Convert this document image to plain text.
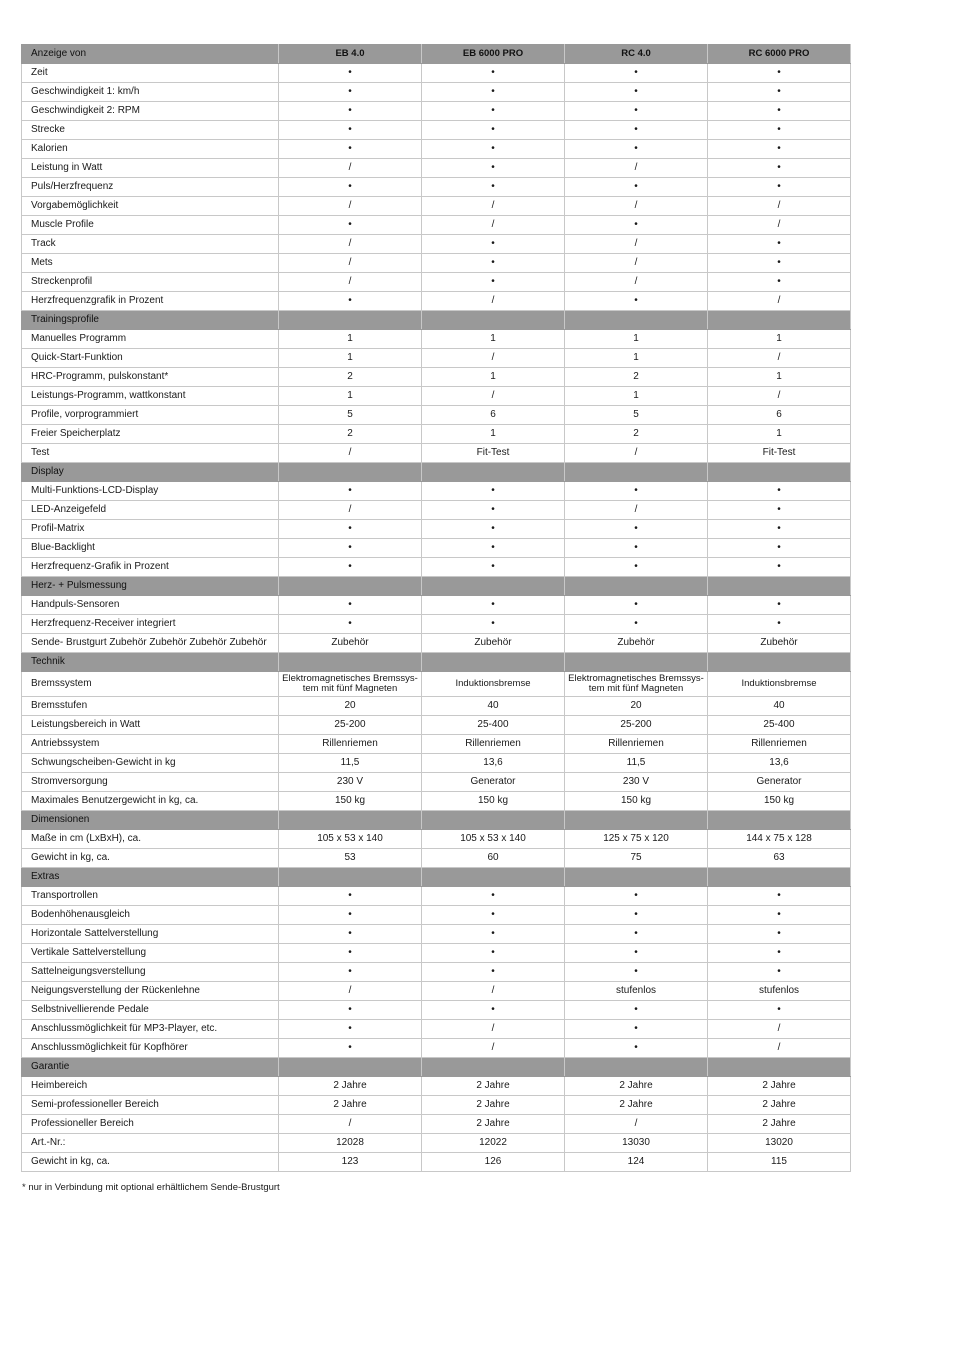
Anzeige von	EB 4.0	EB 6000 PRO	RC 4.0	RC 6000 PRO
Zeit	•	•	•	•
Geschwindigkeit 1: km/h	•	•	•	•
Geschwindigkeit 2: RPM	•	•	•	•
Strecke	•	•	•	•
Kalorien	•	•	•	•
Leistung in Watt	/	•	/	•
Puls/Herzfrequenz	•	•	•	•
Vorgabemöglichkeit	/	/	/	/
Muscle Profile	•	/	•	/
Track	/	•	/	•
Mets	/	•	/	•
Streckenprofil	/	•	/	•
Herzfrequenzgrafik in Prozent	•	/	•	/
Trainingsprofile				
Manuelles Programm	1	1	1	1
Quick-Start-Funktion	1	/	1	/
HRC-Programm, pulskonstant*	2	1	2	1
Leistungs-Programm, wattkonstant	1	/	1	/
Profile, vorprogrammiert	5	6	5	6
Freier Speicherplatz	2	1	2	1
Test	/	Fit-Test	/	Fit-Test
Display				
Multi-Funktions-LCD-Display	•	•	•	•
LED-Anzeigefeld	/	•	/	•
Profil-Matrix	•	•	•	•
Blue-Backlight	•	•	•	•
Herzfrequenz-Grafik in Prozent	•	•	•	•
Herz- + Pulsmessung				
Handpuls-Sensoren	•	•	•	•
Herzfrequenz-Receiver integriert	•	•	•	•
Sende- Brustgurt Zubehör Zubehör Zubehör Zubehör	Zubehör	Zubehör	Zubehör	Zubehör
Technik				
Bremssystem	Elektromagnetisches Bremssys-tem mit fünf Magneten	Induktionsbremse	Elektromagnetisches Bremssys-tem mit fünf Magneten	Induktionsbremse
Bremsstufen	20	40	20	40
Leistungsbereich in Watt	25-200	25-400	25-200	25-400
Antriebssystem	Rillenriemen	Rillenriemen	Rillenriemen	Rillenriemen
Schwungscheiben-Gewicht in kg	11,5	13,6	11,5	13,6
Stromversorgung	230 V	Generator	230 V	Generator
Maximales Benutzergewicht in kg, ca.	150 kg	150 kg	150 kg	150 kg
Dimensionen				
Maße in cm (LxBxH), ca.	105 x 53 x 140	105 x 53 x 140	125 x 75 x 120	144 x 75 x 128
Gewicht in kg, ca.	53	60	75	63
Extras				
Transportrollen	•	•	•	•
Bodenhöhenausgleich	•	•	•	•
Horizontale Sattelverstellung	•	•	•	•
Vertikale Sattelverstellung	•	•	•	•
Sattelneigungsverstellung	•	•	•	•
Neigungsverstellung der Rückenlehne	/	/	stufenlos	stufenlos
Selbstnivellierende Pedale	•	•	•	•
Anschlussmöglichkeit für MP3-Player, etc.	•	/	•	/
Anschlussmöglichkeit für Kopfhörer	•	/	•	/
Garantie				
Heimbereich	2 Jahre	2 Jahre	2 Jahre	2 Jahre
Semi-professioneller Bereich	2 Jahre	2 Jahre	2 Jahre	2 Jahre
Professioneller Bereich	/	2 Jahre	/	2 Jahre
Art.-Nr.:	12028	12022	13030	13020
Gewicht in kg, ca.	123	126	124	115
* nur in Verbindung mit optional erhältlichem Sende-Brustgurt
